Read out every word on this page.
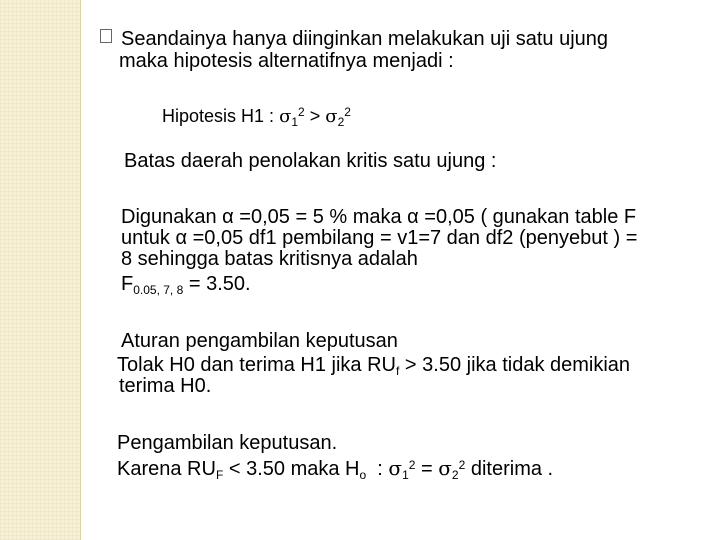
Seandainya hanya diinginkan melakukan uji satu ujung
maka hipotesis alternatifnya menjadi :
Hipotesis H1 : $\sigma_1^2 > \sigma_2^2$
Batas daerah penolakan kritis satu ujung :
Digunakan α =0,05 = 5 % maka α =0,05 ( gunakan table F
untuk α =0,05 df1 pembilang = v1=7 dan df2 (penyebut ) =
8 sehingga batas kritisnya adalah
$F_{0.05, 7, 8} = 3.50$.
Aturan pengambilan keputusan
Tolak H0 dan terima H1 jika $RU_f > 3.50$ jika tidak demikian
terima H0.
Pengambilan keputusan.
Karena $RU_F < 3.50$ maka $H_o$ : $\sigma_1^2 = \sigma_2^2$ diterima .
